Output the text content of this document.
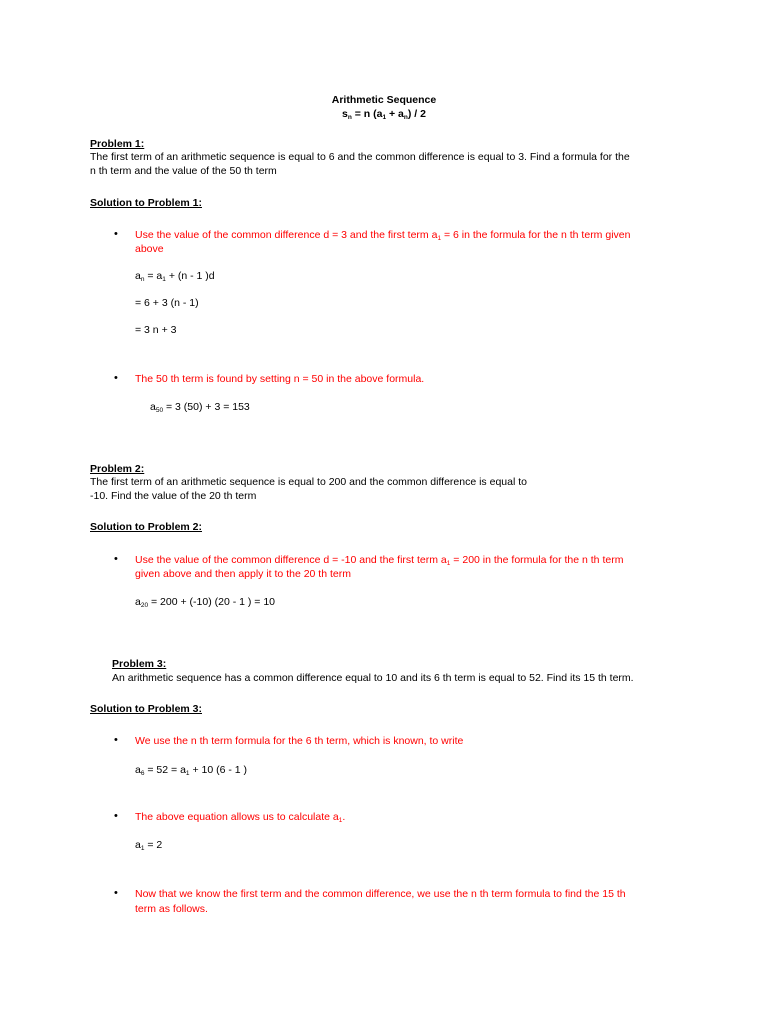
Arithmetic Sequence
$s_n = n$ $(a_1 + a_n) / 2$
Problem 1:
The first term of an arithmetic sequence is equal to 6 and the common difference is equal to 3. Find a formula for the
n th term and the value of the 50 th term
Solution to Problem 1:
• Use the value of the common difference d = 3 and the first term $a_1 = 6$ in the formula for the n th term given
above
$a_n = a_1 + (n - 1$ )d
= 6 + 3 (n - 1)
= 3 n + 3
• The 50 th term is found by setting n = 50 in the above formula.
$a_{50} = 3$ (50) + 3 = 153
Problem 2:
The first term of an arithmetic sequence is equal to 200 and the common difference is equal to
-10. Find the value of the 20 th term
Solution to Problem 2:
• Use the value of the common difference d = -10 and the first term $a_1 = 200$ in the formula for the n th term
given above and then apply it to the 20 th term
$a_{20} = 200 + (-10)$ (20 - 1 ) = 10
Problem 3:
An arithmetic sequence has a common difference equal to 10 and its 6 th term is equal to 52. Find its 15 th term.
Solution to Problem 3:
• We use the n th term formula for the 6 th term, which is known, to write
$a_6 = 52 = a_1 + 10$ (6 - 1 )
• The above equation allows us to calculate $a_1$.
$a_1 = 2$
• Now that we know the first term and the common difference, we use the n th term formula to find the 15 th
term as follows.
